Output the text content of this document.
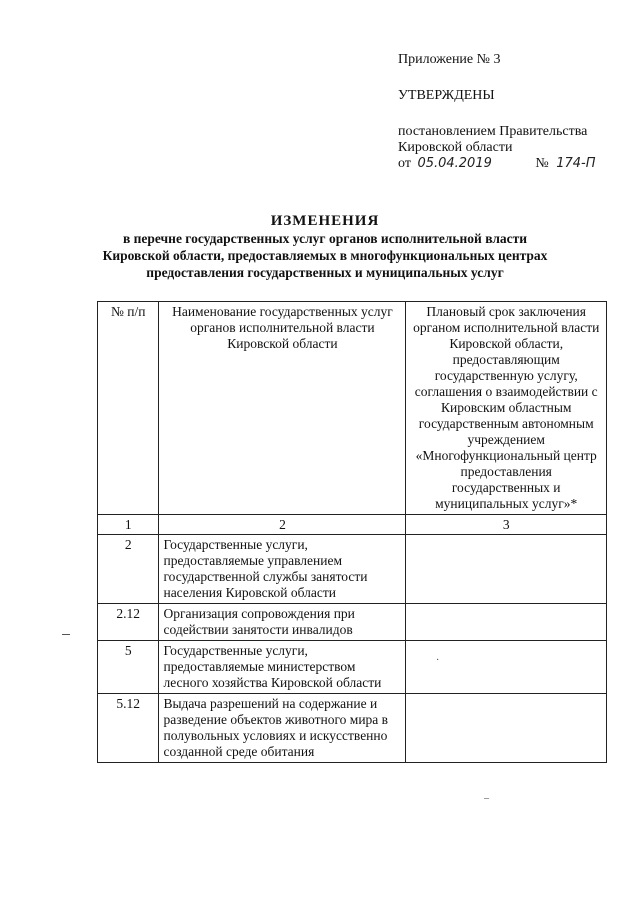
Приложение № 3
УТВЕРЖДЕНЫ
постановлением Правительства
Кировской области
от 05.04.2019	№ 174-П
ИЗМЕНЕНИЯ
в перечне государственных услуг органов исполнительной власти
Кировской области, предоставляемых в многофункциональных центрах
предоставления государственных и муниципальных услуг
№ п/п	Наименование государственных услуг органов исполнительной власти Кировской области	Плановый срок заключения органом исполнительной власти Кировской области, предоставляющим государственную услугу, соглашения о взаимодействии с Кировским областным государственным автономным учреждением «Многофункциональный центр предоставления государственных и муниципальных услуг»*
1	2	3
2	Государственные услуги, предоставляемые управлением государственной службы занятости населения Кировской области	
2.12	Организация сопровождения при содействии занятости инвалидов	
5	Государственные услуги, предоставляемые министерством лесного хозяйства Кировской области	
5.12	Выдача разрешений на содержание и разведение объектов животного мира в полувольных условиях и искусственно созданной среде обитания	
·
–
